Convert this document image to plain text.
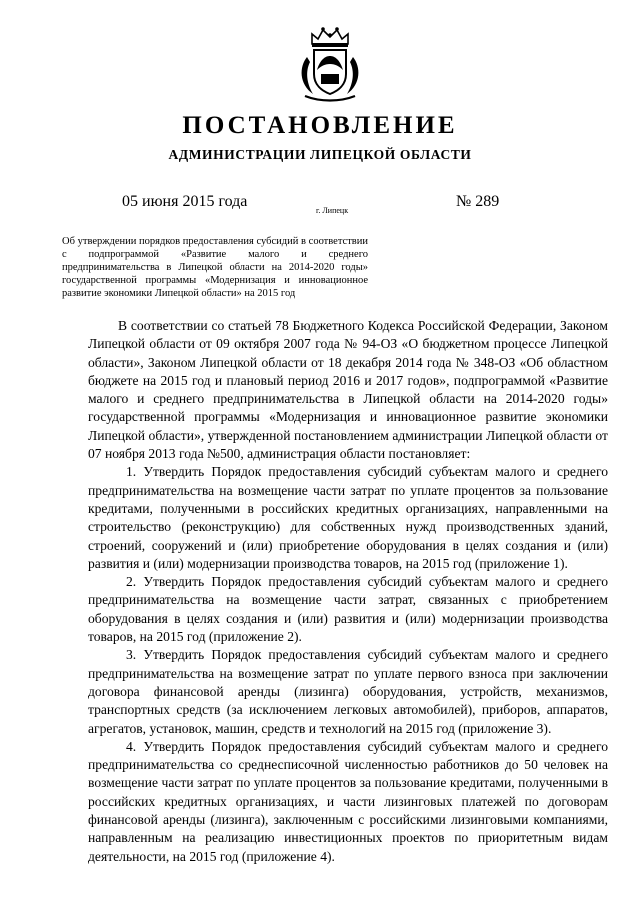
ПОСТАНОВЛЕНИЕ
АДМИНИСТРАЦИИ ЛИПЕЦКОЙ ОБЛАСТИ
05 июня 2015 года
г. Липецк
№ 289
Об утверждении порядков предоставления субсидий в соответствии с подпрограммой «Развитие малого и среднего предпринимательства в Липецкой области на 2014-2020 годы» государственной программы «Модернизация и инновационное развитие экономики Липецкой области» на 2015 год

В соответствии со статьей 78 Бюджетного Кодекса Российской Федерации, Законом Липецкой области от 09 октября 2007 года № 94-ОЗ «О бюджетном процессе Липецкой области», Законом Липецкой области от 18 декабря 2014 года № 348-ОЗ «Об областном бюджете на 2015 год и плановый период 2016 и 2017 годов», подпрограммой «Развитие малого и среднего предпринимательства в Липецкой области на 2014-2020 годы» государственной программы «Модернизация и инновационное развитие экономики Липецкой области», утвержденной постановлением администрации Липецкой области от 07 ноября 2013 года №500, администрация области постановляет:

1. Утвердить Порядок предоставления субсидий субъектам малого и среднего предпринимательства на возмещение части затрат по уплате процентов за пользование кредитами, полученными в российских кредитных организациях, направленными на строительство (реконструкцию) для собственных нужд производственных зданий, строений, сооружений и (или) приобретение оборудования в целях создания и (или) развития и (или) модернизации производства товаров, на 2015 год (приложение 1).

2. Утвердить Порядок предоставления субсидий субъектам малого и среднего предпринимательства на возмещение части затрат, связанных с приобретением оборудования в целях создания и (или) развития и (или) модернизации производства товаров, на 2015 год (приложение 2).

3. Утвердить Порядок предоставления субсидий субъектам малого и среднего предпринимательства на возмещение затрат по уплате первого взноса при заключении договора финансовой аренды (лизинга) оборудования, устройств, механизмов, транспортных средств (за исключением легковых автомобилей), приборов, аппаратов, агрегатов, установок, машин, средств и технологий на 2015 год (приложение 3).

4. Утвердить Порядок предоставления субсидий субъектам малого и среднего предпринимательства со среднесписочной численностью работников до 50 человек на возмещение части затрат по уплате процентов за пользование кредитами, полученными в российских кредитных организациях, и части лизинговых платежей по договорам финансовой аренды (лизинга), заключенным с российскими лизинговыми компаниями, направленным на реализацию инвестиционных проектов по приоритетным видам деятельности, на 2015 год (приложение 4).
